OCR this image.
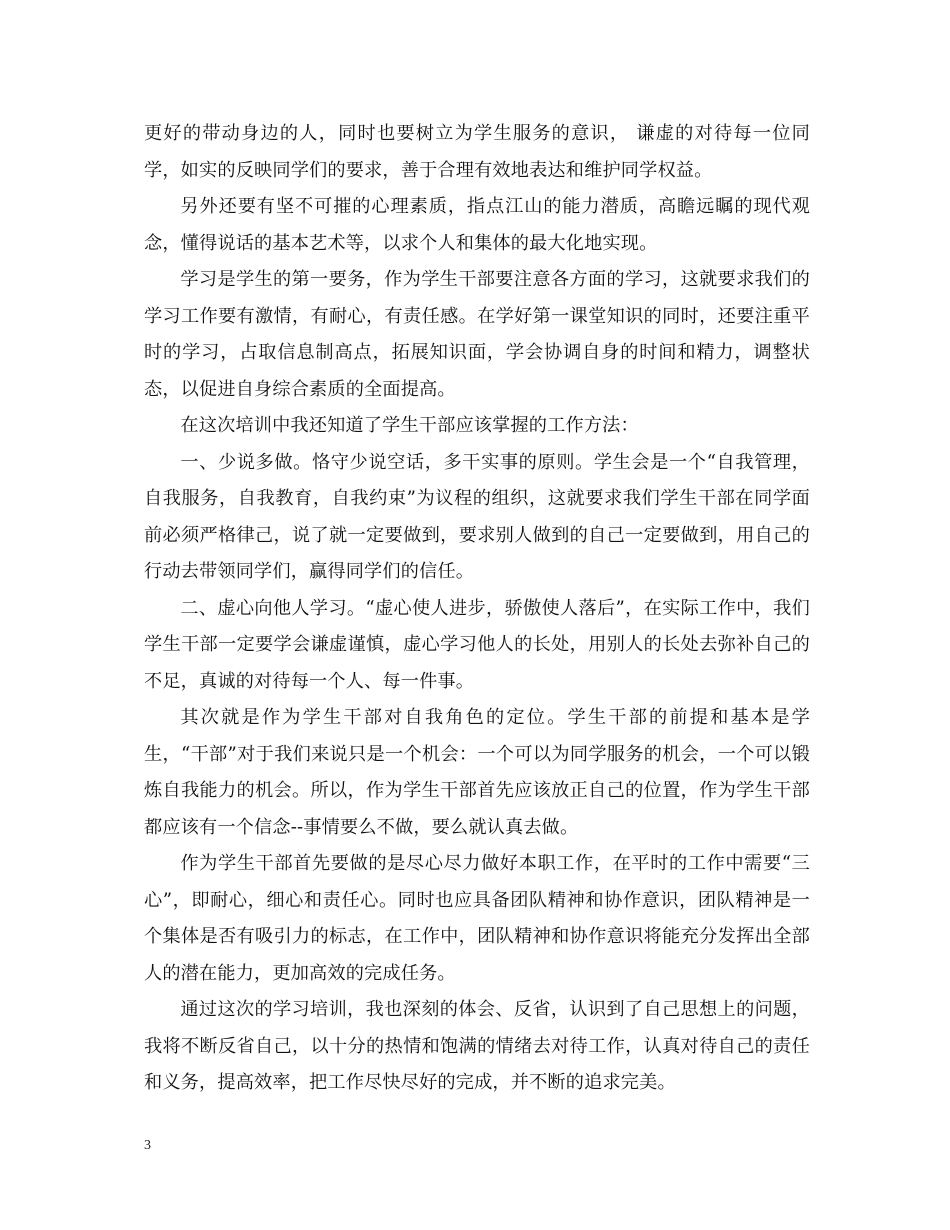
更好的带动身边的人，同时也要树立为学生服务的意识， 谦虚的对待每一位同学，如实的反映同学们的要求，善于合理有效地表达和维护同学权益。

另外还要有坚不可摧的心理素质，指点江山的能力潜质，高瞻远瞩的现代观念，懂得说话的基本艺术等，以求个人和集体的最大化地实现。

学习是学生的第一要务，作为学生干部要注意各方面的学习，这就要求我们的学习工作要有激情，有耐心，有责任感。在学好第一课堂知识的同时，还要注重平时的学习，占取信息制高点，拓展知识面，学会协调自身的时间和精力，调整状态，以促进自身综合素质的全面提高。

在这次培训中我还知道了学生干部应该掌握的工作方法：

一、少说多做。恪守少说空话，多干实事的原则。学生会是一个“自我管理，自我服务，自我教育，自我约束”为议程的组织，这就要求我们学生干部在同学面前必须严格律己，说了就一定要做到，要求别人做到的自己一定要做到，用自己的行动去带领同学们，赢得同学们的信任。

二、虚心向他人学习。“虚心使人进步，骄傲使人落后”，在实际工作中，我们学生干部一定要学会谦虚谨慎，虚心学习他人的长处，用别人的长处去弥补自己的不足，真诚的对待每一个人、每一件事。

其次就是作为学生干部对自我角色的定位。学生干部的前提和基本是学生，“干部”对于我们来说只是一个机会：一个可以为同学服务的机会，一个可以锻炼自我能力的机会。所以，作为学生干部首先应该放正自己的位置，作为学生干部都应该有一个信念--事情要么不做，要么就认真去做。

作为学生干部首先要做的是尽心尽力做好本职工作，在平时的工作中需要“三心”，即耐心，细心和责任心。同时也应具备团队精神和协作意识，团队精神是一个集体是否有吸引力的标志，在工作中，团队精神和协作意识将能充分发挥出全部人的潜在能力，更加高效的完成任务。

通过这次的学习培训，我也深刻的体会、反省，认识到了自己思想上的问题，我将不断反省自己，以十分的热情和饱满的情绪去对待工作，认真对待自己的责任和义务，提高效率，把工作尽快尽好的完成，并不断的追求完美。

3
